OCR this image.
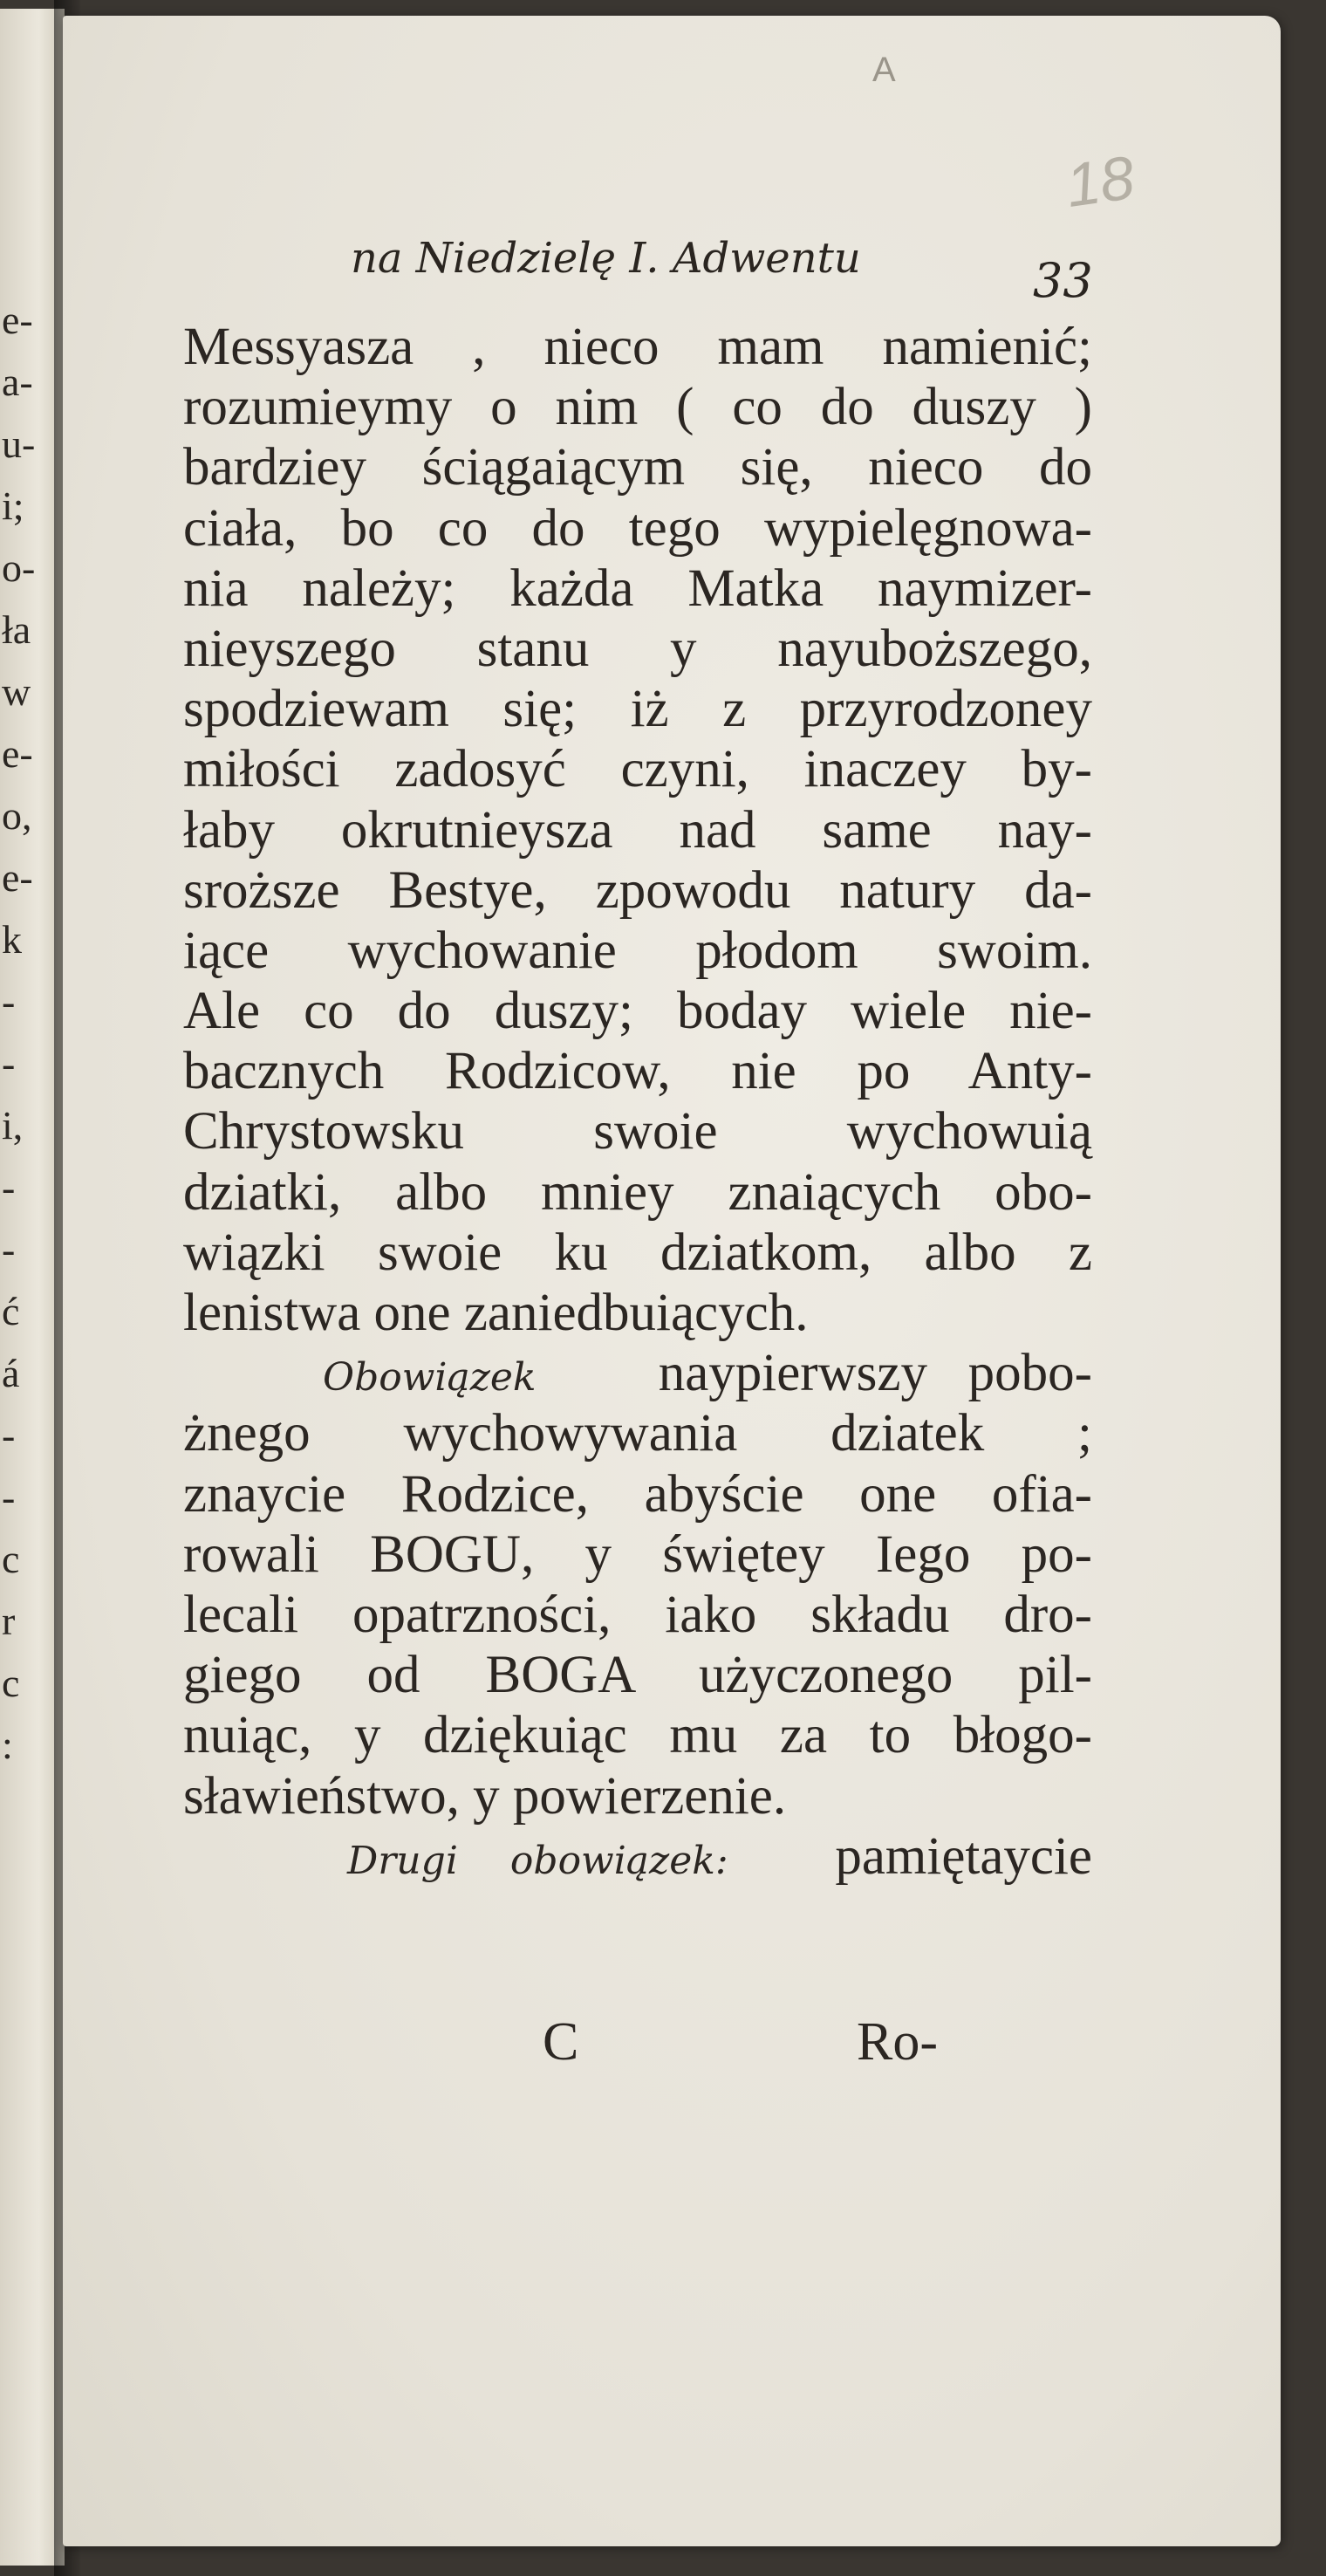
e-
a-
u-
i;
o-
ła
w
e-
o,
e-
k
-
-
i,
-
-
ć
á
-
-
c
r
c
:
A
18
na Niedzielę I. Adwentu	33
Messyasza , nieco mam namienić;
rozumieymy o nim ( co do duszy )
bardziey ściągaiącym się, nieco do
ciała, bo co do tego wypielęgnowa-
nia należy; każda Matka naymizer-
nieyszego stanu y nayuboższego,
spodziewam się; iż z przyrodzoney
miłości zadosyć czyni, inaczey by-
łaby okrutnieysza nad same nay-
sroższe Bestye, zpowodu natury da-
iące wychowanie płodom swoim.
Ale co do duszy; boday wiele nie-
bacznych Rodzicow, nie po Anty-
Chrystowsku swoie wychowuią
dziatki, albo mniey znaiących obo-
wiązki swoie ku dziatkom, albo z
lenistwa one zaniedbuiących.
Obowiązek naypierwszy pobo-
żnego wychowywania dziatek ;
znaycie Rodzice, abyście one ofia-
rowali BOGU, y świętey Iego po-
lecali opatrzności, iako składu dro-
giego od BOGA użyczonego pil-
nuiąc, y dziękuiąc mu za to błogo-
sławieństwo, y powierzenie.
Drugi obowiązek: pamiętaycie
C	Ro-
